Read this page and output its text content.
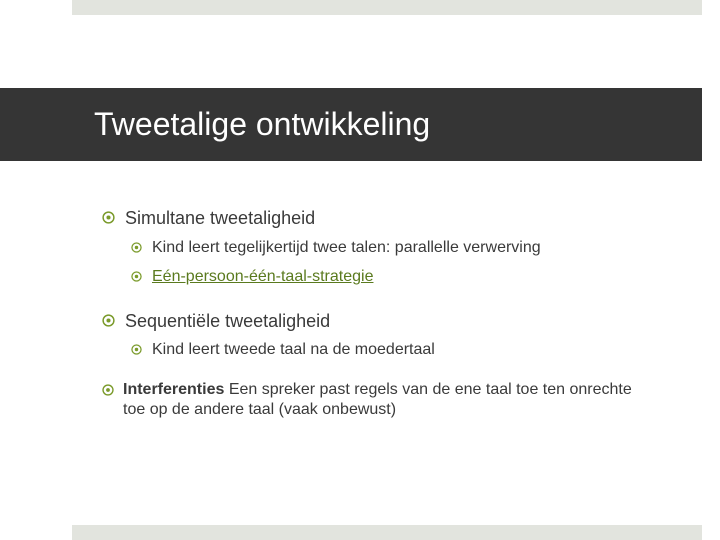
Tweetalige ontwikkeling
Simultane tweetaligheid
Kind leert tegelijkertijd twee talen: parallelle verwerving
Eén-persoon-één-taal-strategie
Sequentiële tweetaligheid
Kind leert tweede taal na de moedertaal
Interferenties Een spreker past regels van de ene taal toe ten onrechte toe op de andere taal (vaak onbewust)
